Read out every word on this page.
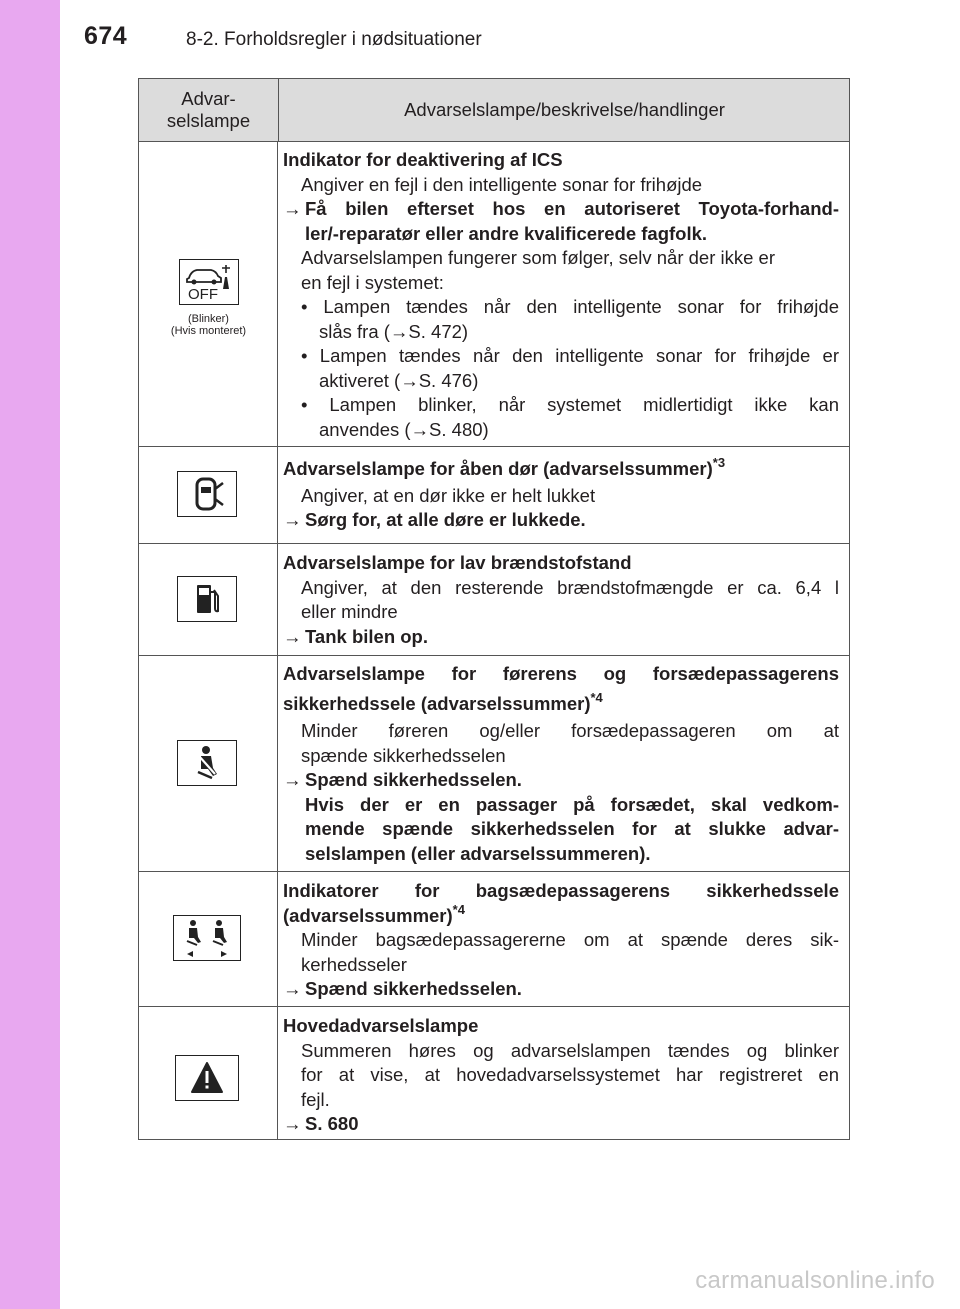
674	8-2. Forholdsregler i nødsituationer
Advar-
selslampe
Advarselslampe/beskrivelse/handlinger
OFF
(Blinker)
(Hvis monteret)

Indikator for deaktivering af ICS

Angiver en fejl i den intelligente sonar for frihøjde

→ Få bilen efterset hos en autoriseret Toyota-forhand-

ler/-reparatør eller andre kvalificerede fagfolk.

Advarselslampen fungerer som følger, selv når der ikke er

en fejl i systemet:

• Lampen tændes når den intelligente sonar for frihøjde

slås fra (→S. 472)

• Lampen tændes når den intelligente sonar for frihøjde er

aktiveret (→S. 476)

• Lampen blinker, når systemet midlertidigt ikke kan

anvendes (→S. 480)

Advarselslampe for åben dør (advarselssummer)$^{*3}$

Angiver, at en dør ikke er helt lukket

→ Sørg for, at alle døre er lukkede.

Advarselslampe for lav brændstofstand

Angiver, at den resterende brændstofmængde er ca. 6,4 l

eller mindre

→ Tank bilen op.

Advarselslampe for førerens og forsædepassagerens

sikkerhedssele (advarselssummer)$^{*4}$

Minder føreren og/eller forsædepassageren om at

spænde sikkerhedsselen

→ Spænd sikkerhedsselen.

Hvis der er en passager på forsædet, skal vedkom-

mende spænde sikkerhedsselen for at slukke advar-

selslampen (eller advarselssummeren).

Indikatorer for bagsædepassagerens sikkerhedssele

(advarselssummer)$^{*4}$

Minder bagsædepassagererne om at spænde deres sik-

kerhedsseler

→ Spænd sikkerhedsselen.

Hovedadvarselslampe

Summeren høres og advarselslampen tændes og blinker

for at vise, at hovedadvarselssystemet har registreret en

fejl.

→ S. 680

carmanualsonline.info
